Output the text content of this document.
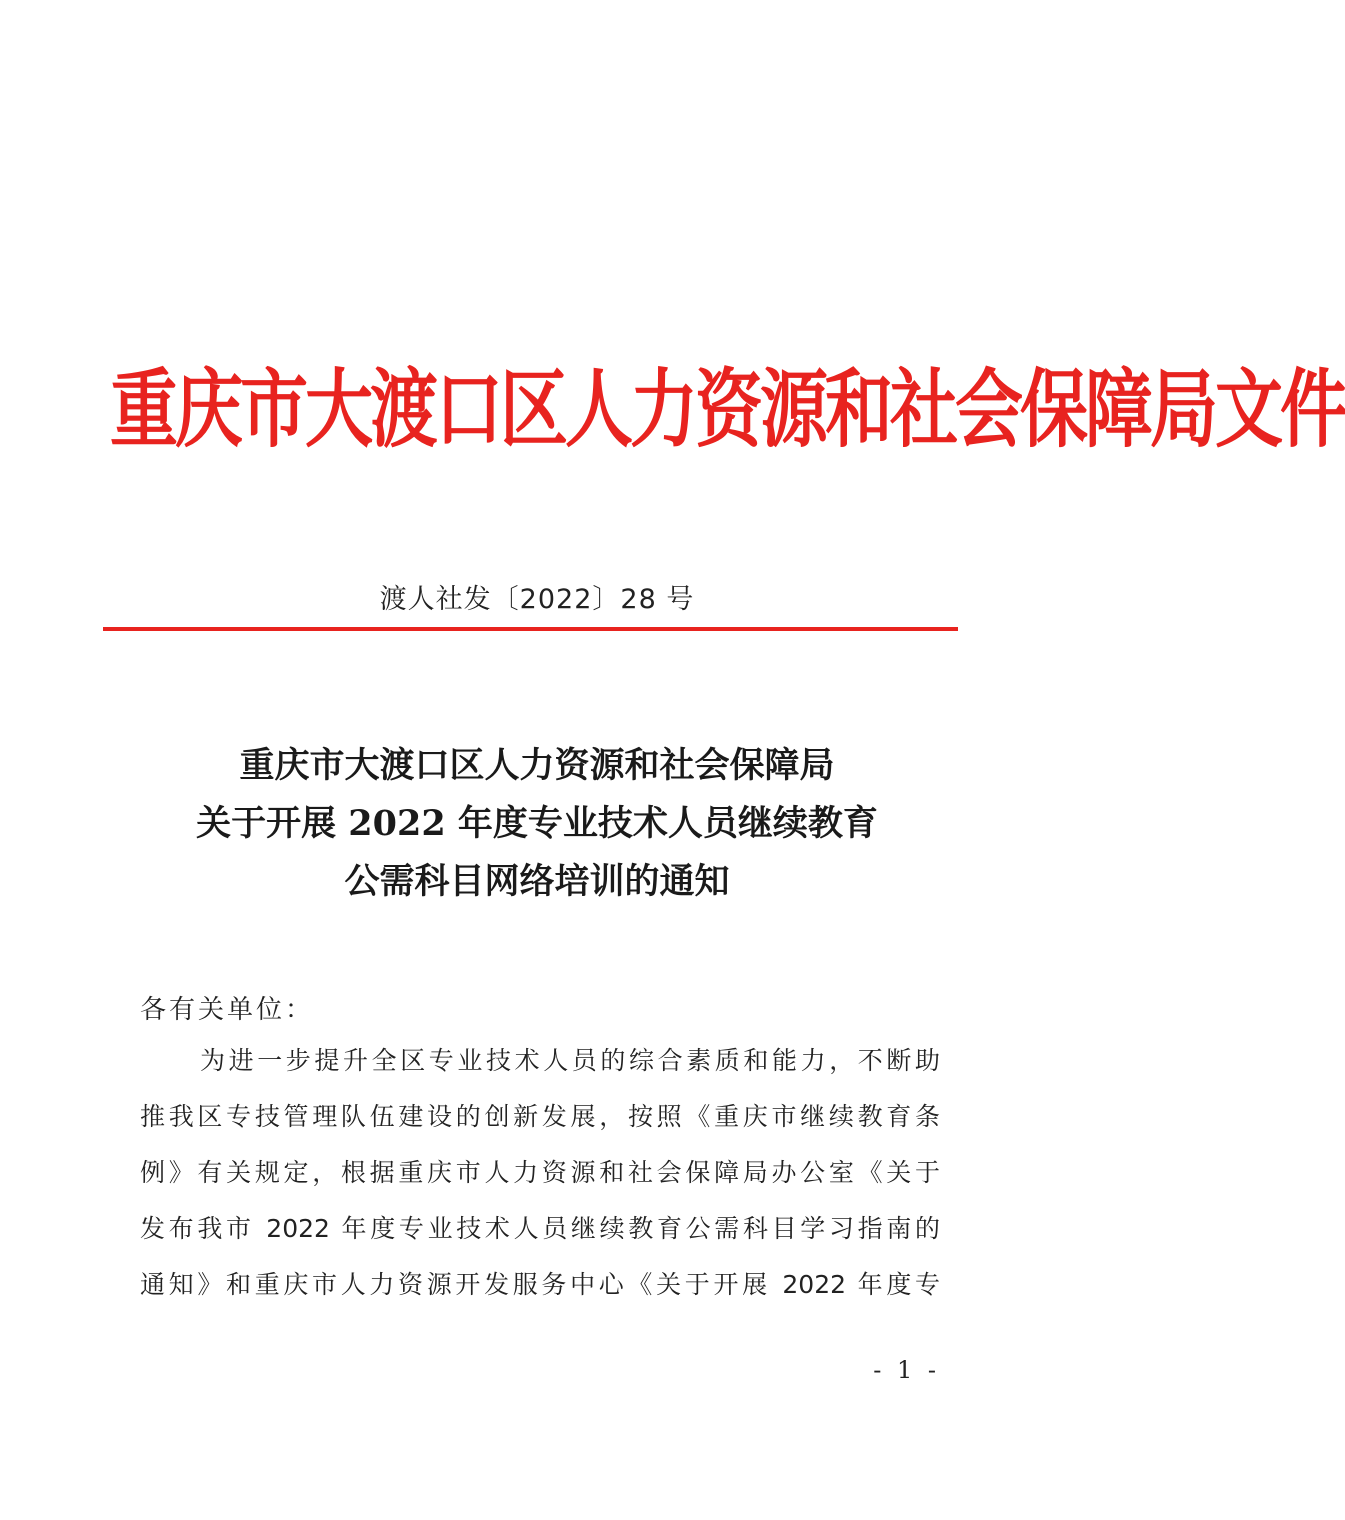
重庆市大渡口区人力资源和社会保障局文件
渡人社发〔2022〕28 号
重庆市大渡口区人力资源和社会保障局
关于开展 2022 年度专业技术人员继续教育
公需科目网络培训的通知
各有关单位：
为进一步提升全区专业技术人员的综合素质和能力，不断助
推我区专技管理队伍建设的创新发展，按照《重庆市继续教育条
例》有关规定，根据重庆市人力资源和社会保障局办公室《关于
发布我市 2022 年度专业技术人员继续教育公需科目学习指南的
通知》和重庆市人力资源开发服务中心《关于开展 2022 年度专
- 1 -
